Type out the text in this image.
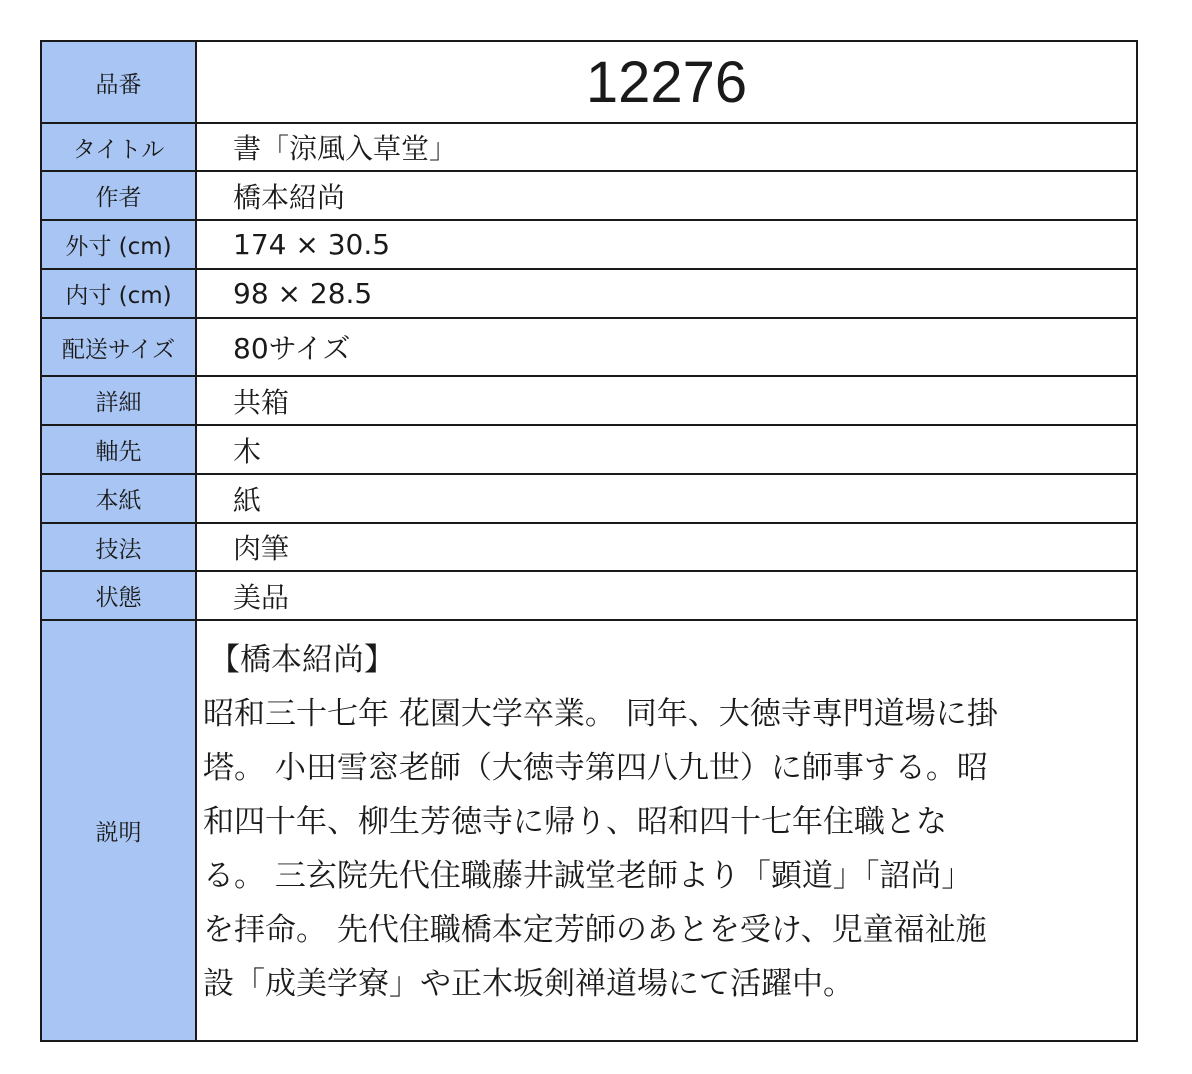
品番	12276
タイトル	書「涼風入草堂」
作者	橋本紹尚
外寸 (cm)	174 × 30.5
内寸 (cm)	98 × 28.5
配送サイズ	80サイズ
詳細	共箱
軸先	木
本紙	紙
技法	肉筆
状態	美品
説明
【橋本紹尚】
昭和三十七年 花園大学卒業。 同年、大徳寺専門道場に掛
塔。 小田雪窓老師（大徳寺第四八九世）に師事する。昭
和四十年、柳生芳徳寺に帰り、昭和四十七年住職とな
る。 三玄院先代住職藤井誠堂老師より「顕道」「詔尚」
を拝命。 先代住職橋本定芳師のあとを受け、児童福祉施
設「成美学寮」や正木坂剣禅道場にて活躍中。
